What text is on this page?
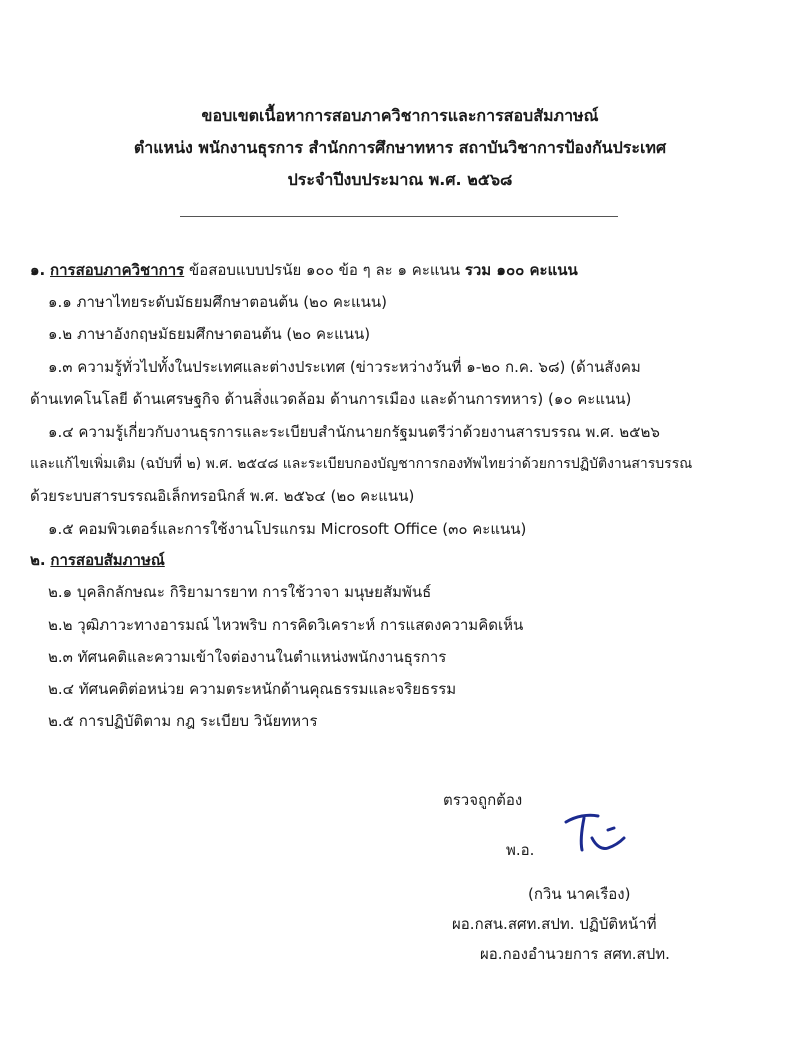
ขอบเขตเนื้อหาการสอบภาควิชาการและการสอบสัมภาษณ์
ตำแหน่ง พนักงานธุรการ สำนักการศึกษาทหาร สถาบันวิชาการป้องกันประเทศ
ประจำปีงบประมาณ พ.ศ. ๒๕๖๘
๑. การสอบภาควิชาการ ข้อสอบแบบปรนัย ๑๐๐ ข้อ ๆ ละ ๑ คะแนน รวม ๑๐๐ คะแนน
๑.๑ ภาษาไทยระดับมัธยมศึกษาตอนต้น (๒๐ คะแนน)
๑.๒ ภาษาอังกฤษมัธยมศึกษาตอนต้น (๒๐ คะแนน)
๑.๓ ความรู้ทั่วไปทั้งในประเทศและต่างประเทศ (ข่าวระหว่างวันที่ ๑-๒๐ ก.ค. ๖๘) (ด้านสังคม
ด้านเทคโนโลยี ด้านเศรษฐกิจ ด้านสิ่งแวดล้อม ด้านการเมือง และด้านการทหาร) (๑๐ คะแนน)
๑.๔ ความรู้เกี่ยวกับงานธุรการและระเบียบสำนักนายกรัฐมนตรีว่าด้วยงานสารบรรณ พ.ศ. ๒๕๒๖
และแก้ไขเพิ่มเติม (ฉบับที่ ๒) พ.ศ. ๒๕๔๘ และระเบียบกองบัญชาการกองทัพไทยว่าด้วยการปฏิบัติงานสารบรรณ
ด้วยระบบสารบรรณอิเล็กทรอนิกส์ พ.ศ. ๒๕๖๔ (๒๐ คะแนน)
๑.๕ คอมพิวเตอร์และการใช้งานโปรแกรม Microsoft Office (๓๐ คะแนน)
๒. การสอบสัมภาษณ์
๒.๑ บุคลิกลักษณะ กิริยามารยาท การใช้วาจา มนุษยสัมพันธ์
๒.๒ วุฒิภาวะทางอารมณ์ ไหวพริบ การคิดวิเคราะห์ การแสดงความคิดเห็น
๒.๓ ทัศนคติและความเข้าใจต่องานในตำแหน่งพนักงานธุรการ
๒.๔ ทัศนคติต่อหน่วย ความตระหนักด้านคุณธรรมและจริยธรรม
๒.๕ การปฏิบัติตาม กฎ ระเบียบ วินัยทหาร
ตรวจถูกต้อง
พ.อ.
(กวิน นาคเรือง)
ผอ.กสน.สศท.สปท. ปฏิบัติหน้าที่
ผอ.กองอำนวยการ สศท.สปท.
